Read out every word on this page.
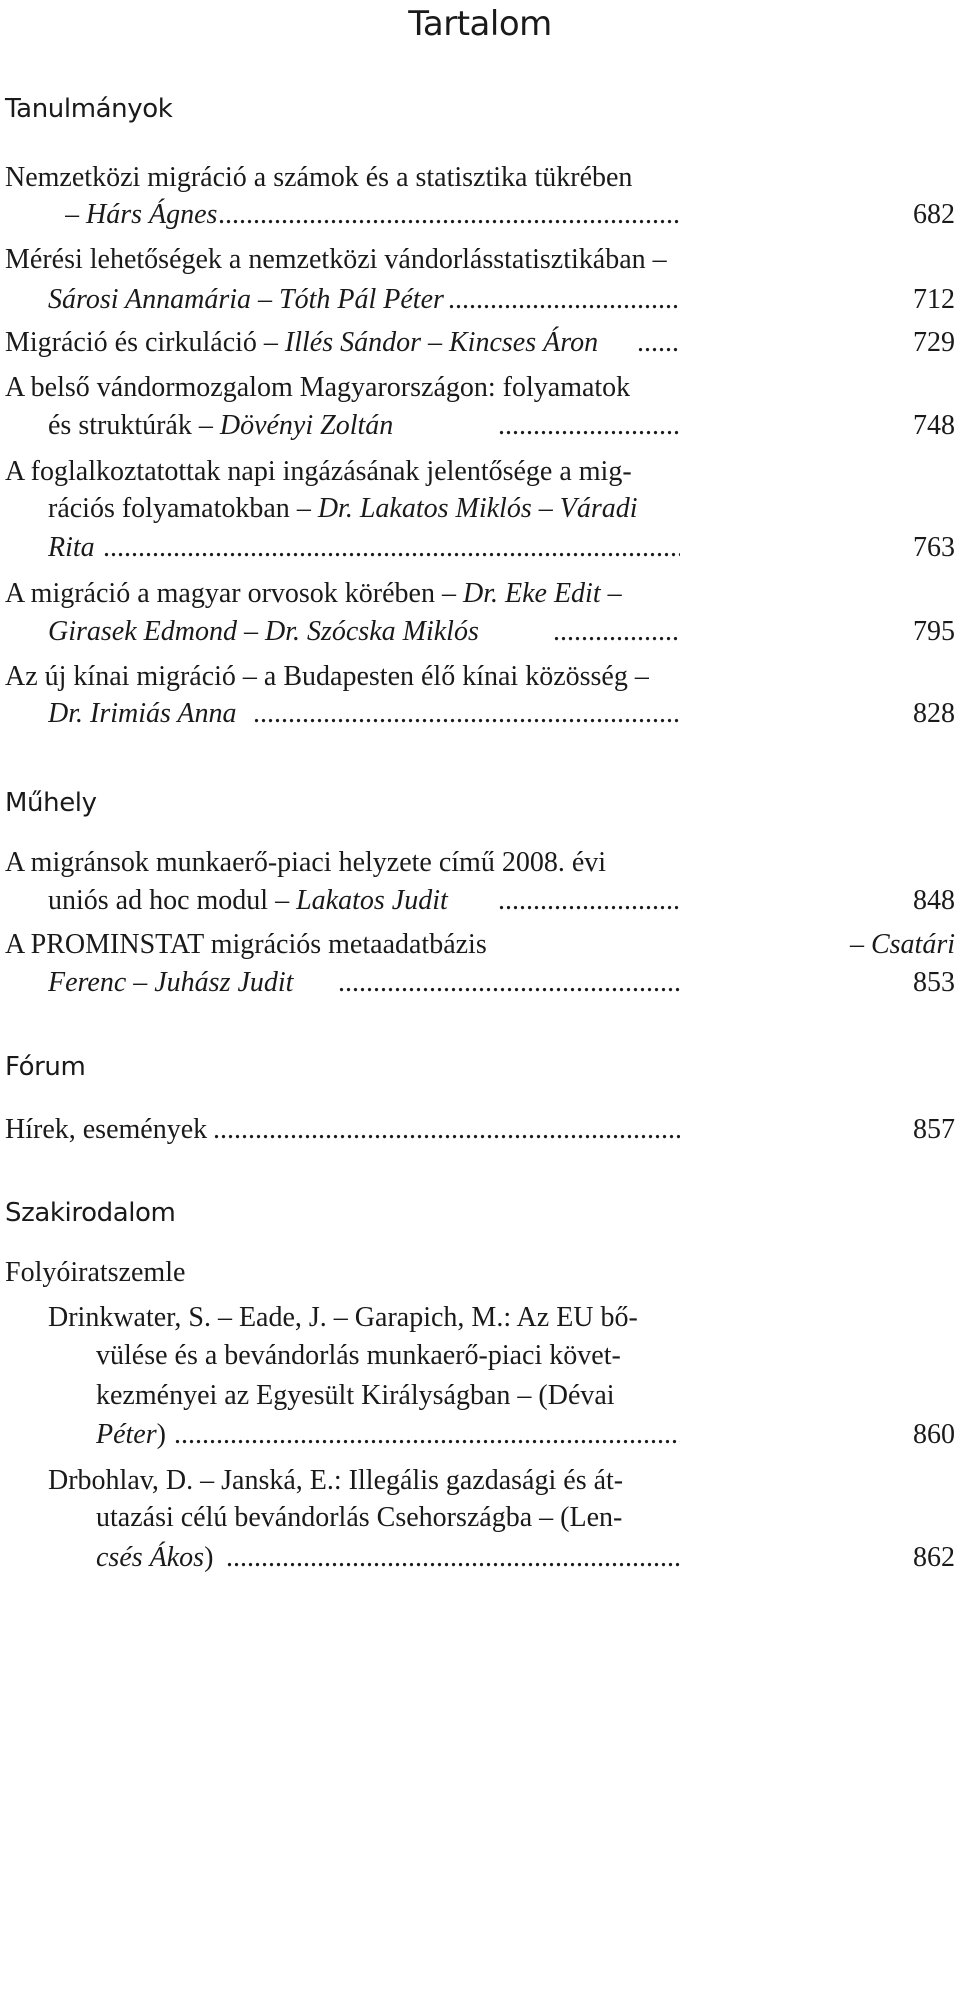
Tartalom
Tanulmányok
Nemzetközi migráció a számok és a statisztika tükrében
– Hárs Ágnes .....	682
Mérési lehetőségek a nemzetközi vándorlásstatisztikában –
Sárosi Annamária – Tóth Pál Péter .....	712
Migráció és cirkuláció – Illés Sándor – Kincses Áron .....	729
A belső vándormozgalom Magyarországon: folyamatok
és struktúrák – Dövényi Zoltán .....	748
A foglalkoztatottak napi ingázásának jelentősége a mig-
rációs folyamatokban – Dr. Lakatos Miklós – Váradi
Rita .....	763
A migráció a magyar orvosok körében – Dr. Eke Edit –
Girasek Edmond – Dr. Szócska Miklós .....	795
Az új kínai migráció – a Budapesten élő kínai közösség –
Dr. Irimiás Anna .....	828
Műhely
A migránsok munkaerő-piaci helyzete című 2008. évi
uniós ad hoc modul – Lakatos Judit .....	848
A PROMINSTAT migrációs metaadatbázis	– Csatári
Ferenc – Juhász Judit .....	853
Fórum
Hírek, események .....	857
Szakirodalom
Folyóiratszemle
Drinkwater, S. – Eade, J. – Garapich, M.: Az EU bő-
vülése és a bevándorlás munkaerő-piaci követ-
kezményei az Egyesült Királyságban – (Dévai
Péter) .....	860
Drbohlav, D. – Janská, E.: Illegális gazdasági és át-
utazási célú bevándorlás Csehországba – (Len-
csés Ákos) .....	862
